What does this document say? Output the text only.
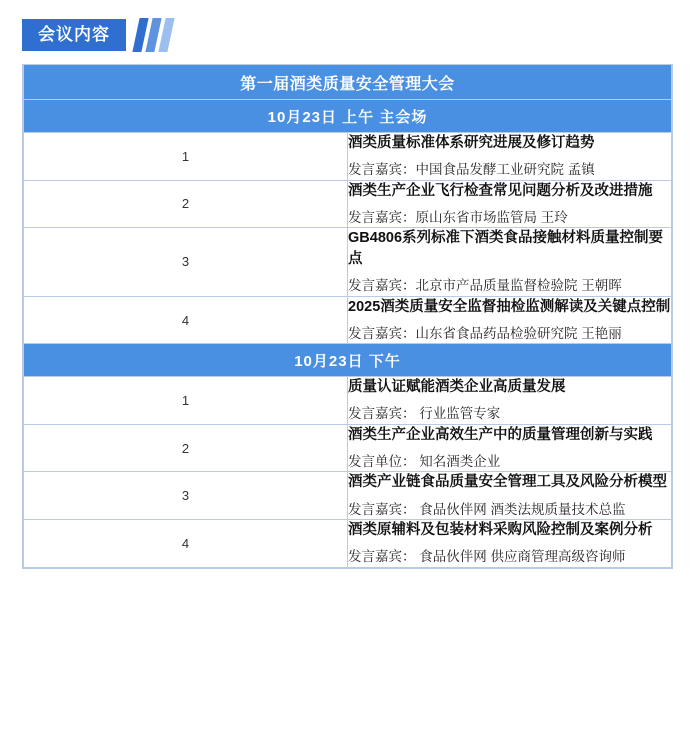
会议内容
第一届酒类质量安全管理大会	
10月23日 上午 主会场	
1	酒类质量标准体系研究进展及修订趋势
发言嘉宾：中国食品发酵工业研究院 孟镇

2	酒类生产企业飞行检查常见问题分析及改进措施
发言嘉宾：原山东省市场监管局 王玲

3	GB4806系列标准下酒类食品接触材料质量控制要点
发言嘉宾：北京市产品质量监督检验院 王朝晖

4	2025酒类质量安全监督抽检监测解读及关键点控制
发言嘉宾：山东省食品药品检验研究院 王艳丽

10月23日 下午	
1	质量认证赋能酒类企业高质量发展
发言嘉宾： 行业监管专家

2	酒类生产企业高效生产中的质量管理创新与实践
发言单位： 知名酒类企业

3	酒类产业链食品质量安全管理工具及风险分析模型
发言嘉宾： 食品伙伴网 酒类法规质量技术总监

4	酒类原辅料及包装材料采购风险控制及案例分析
发言嘉宾： 食品伙伴网 供应商管理高级咨询师
